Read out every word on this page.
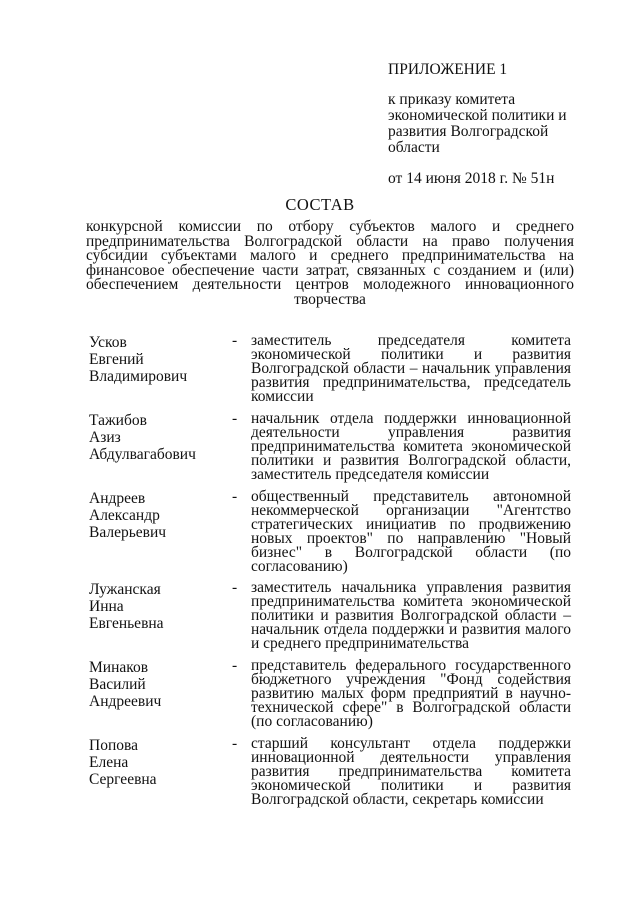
ПРИЛОЖЕНИЕ 1
к приказу комитета экономической политики и развития Волгоградской области
от 14 июня 2018 г. № 51н
СОСТАВ
конкурсной комиссии по отбору субъектов малого и среднего предпринимательства Волгоградской области на право получения субсидии субъектами малого и среднего предпринимательства на финансовое обеспечение части затрат, связанных с созданием и (или) обеспечением деятельности центров молодежного инновационного творчества
Усков
Евгений
Владимирович
- заместитель председателя комитета экономической политики и развития Волгоградской области – начальник управления развития предпринимательства, председатель комиссии
Тажибов
Азиз
Абдулвагабович
- начальник отдела поддержки инновационной деятельности управления развития предпринимательства комитета экономической политики и развития Волгоградской области, заместитель председателя комиссии
Андреев
Александр
Валерьевич
- общественный представитель автономной некоммерческой организации "Агентство стратегических инициатив по продвижению новых проектов" по направлению "Новый бизнес" в Волгоградской области (по согласованию)
Лужанская
Инна
Евгеньевна
- заместитель начальника управления развития предпринимательства комитета экономической политики и развития Волгоградской области – начальник отдела поддержки и развития малого и среднего предпринимательства
Минаков
Василий
Андреевич
- представитель федерального государственного бюджетного учреждения "Фонд содействия развитию малых форм предприятий в научно-технической сфере" в Волгоградской области (по согласованию)
Попова
Елена
Сергеевна
- старший консультант отдела поддержки инновационной деятельности управления развития предпринимательства комитета экономической политики и развития Волгоградской области, секретарь комиссии
